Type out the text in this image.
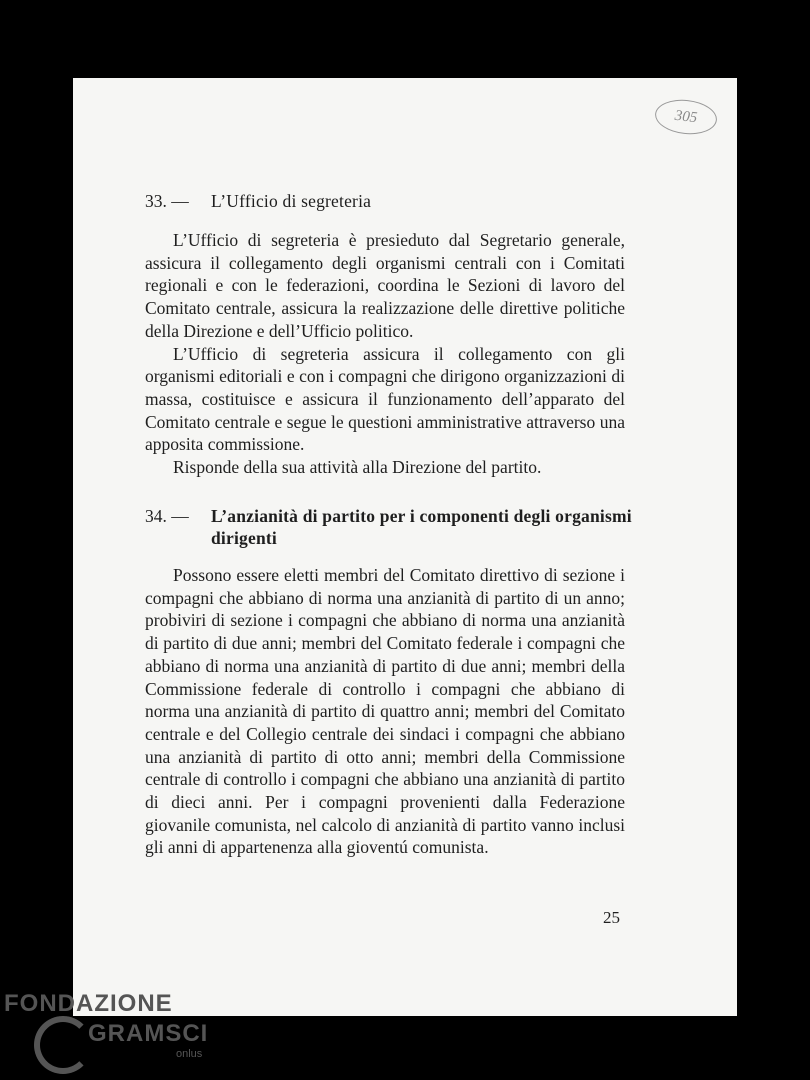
305
33. —	L’Ufficio di segreteria

L’Ufficio di segreteria è presieduto dal Segretario generale, assicura il collegamento degli organismi centrali con i Comitati regionali e con le federazioni, coordina le Sezioni di lavoro del Comitato centrale, assicura la realizzazione delle direttive politiche della Direzione e dell’Ufficio politico.

L’Ufficio di segreteria assicura il collegamento con gli organismi editoriali e con i compagni che dirigono organizzazioni di massa, costituisce e assicura il funzionamento dell’apparato del Comitato centrale e segue le questioni amministrative attraverso una apposita commissione.

Risponde della sua attività alla Direzione del partito.

34. —	L’anzianità di partito per i componenti degli organismi dirigenti

Possono essere eletti membri del Comitato direttivo di sezione i compagni che abbiano di norma una anzianità di partito di un anno; probiviri di sezione i compagni che abbiano di norma una anzianità di partito di due anni; membri del Comitato federale i compagni che abbiano di norma una anzianità di partito di due anni; membri della Commissione federale di controllo i compagni che abbiano di norma una anzianità di partito di quattro anni; membri del Comitato centrale e del Collegio centrale dei sindaci i compagni che abbiano una anzianità di partito di otto anni; membri della Commissione centrale di controllo i compagni che abbiano una anzianità di partito di dieci anni. Per i compagni provenienti dalla Federazione giovanile comunista, nel calcolo di anzianità di partito vanno inclusi gli anni di appartenenza alla gioventú comunista.

25
FONDAZIONE
GRAMSCI
onlus
